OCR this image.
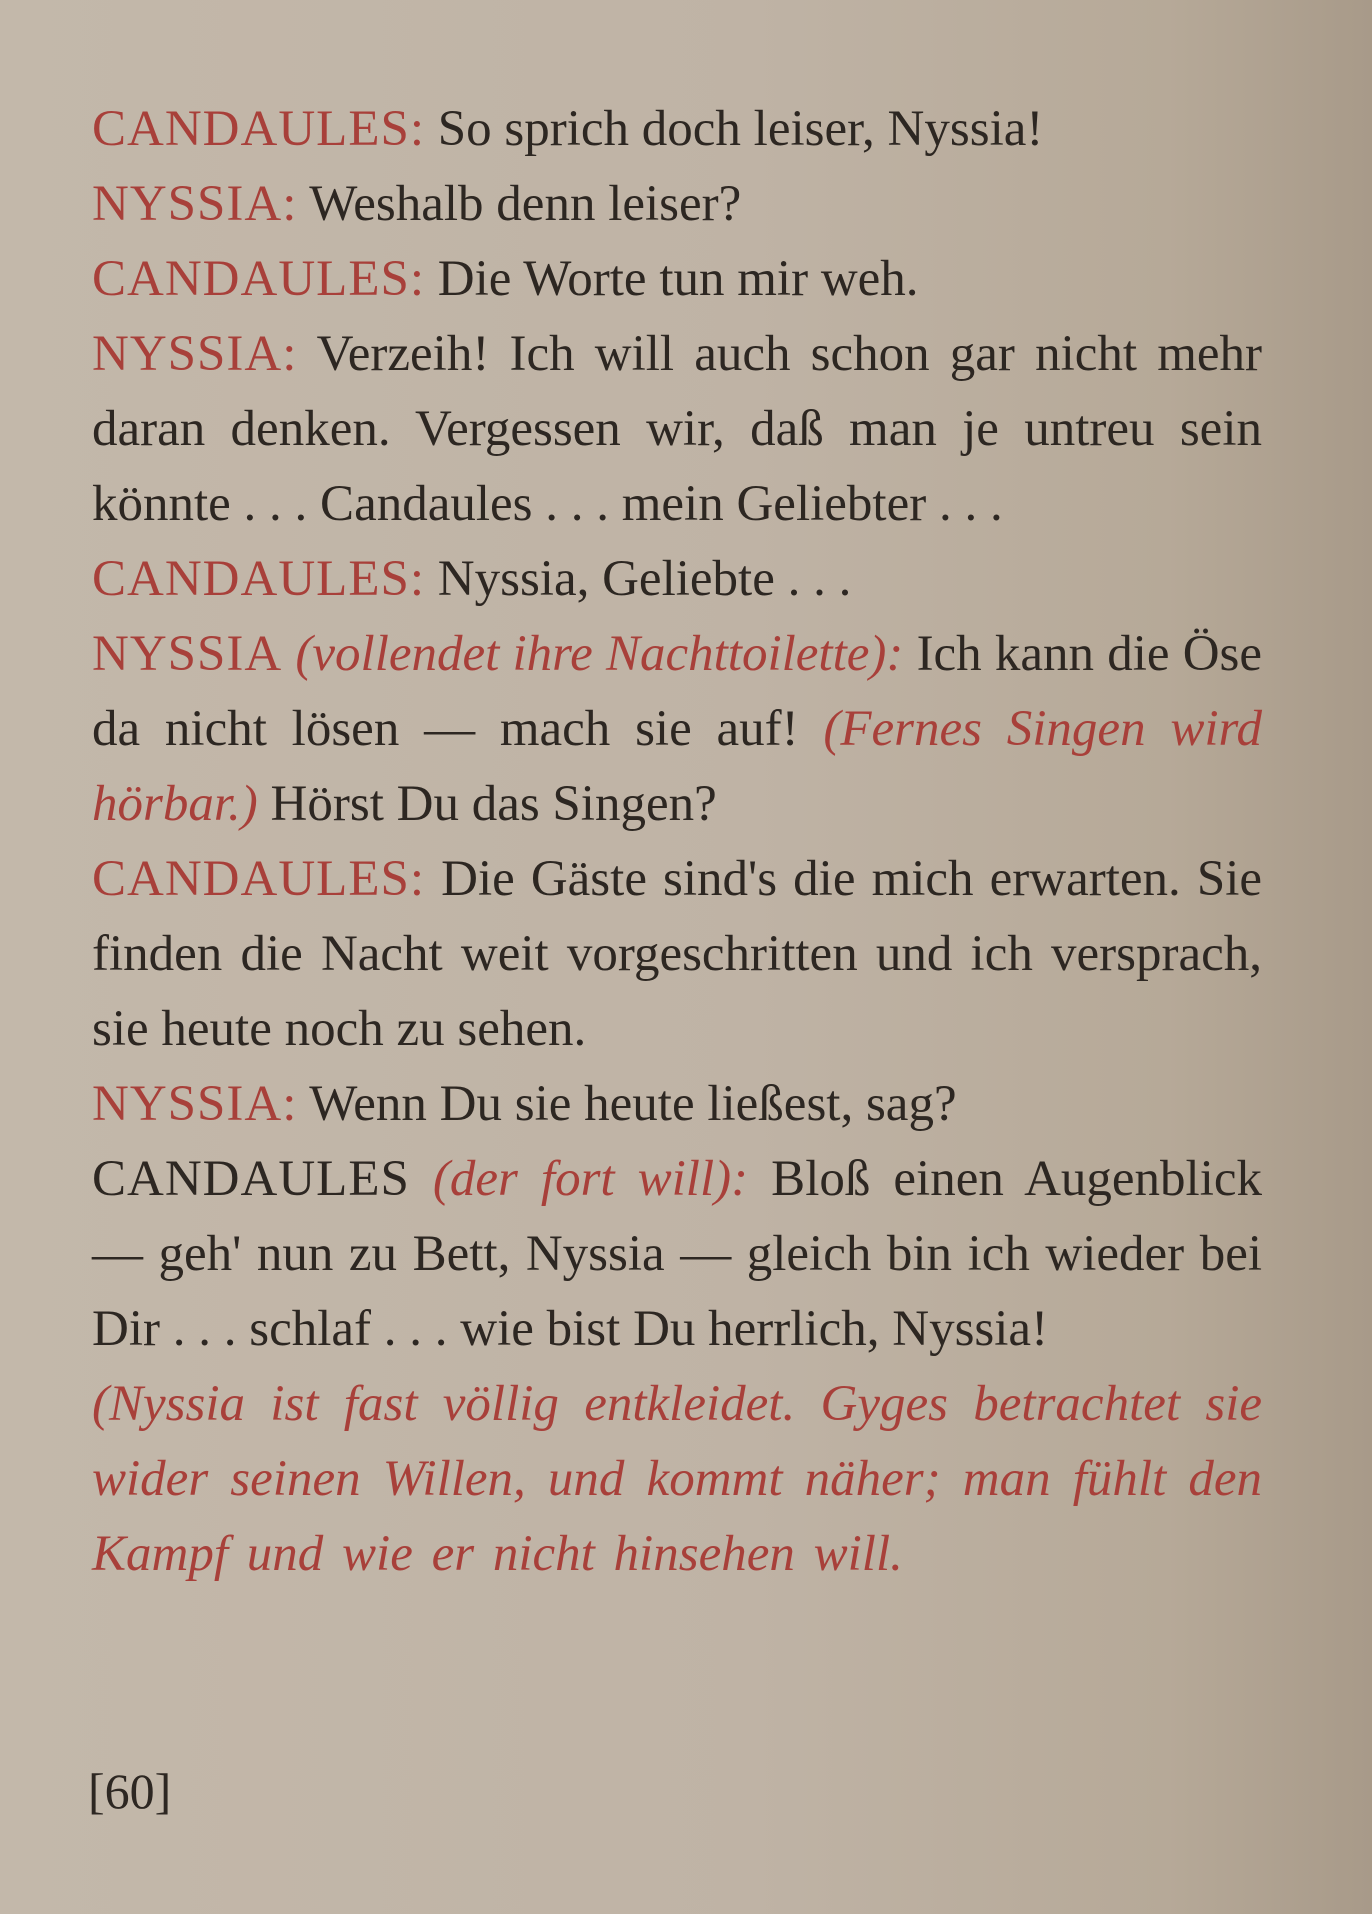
CANDAULES: So sprich doch leiser, Nyssia!

NYSSIA: Weshalb denn leiser?

CANDAULES: Die Worte tun mir weh.

NYSSIA: Verzeih! Ich will auch schon gar nicht mehr daran denken. Vergessen wir, daß man je untreu sein könnte . . . Candaules . . . mein Geliebter . . .

CANDAULES: Nyssia, Geliebte . . .

NYSSIA (vollendet ihre Nachttoilette): Ich kann die Öse da nicht lösen — mach sie auf! (Fernes Singen wird hörbar.) Hörst Du das Singen?

CANDAULES: Die Gäste sind's die mich erwarten. Sie finden die Nacht weit vorgeschritten und ich versprach, sie heute noch zu sehen.

NYSSIA: Wenn Du sie heute ließest, sag?

CANDAULES (der fort will): Bloß einen Augenblick — geh' nun zu Bett, Nyssia — gleich bin ich wieder bei Dir . . . schlaf . . . wie bist Du herrlich, Nyssia!

(Nyssia ist fast völlig entkleidet. Gyges betrachtet sie wider seinen Willen, und kommt näher; man fühlt den Kampf und wie er nicht hinsehen will.

[60]
